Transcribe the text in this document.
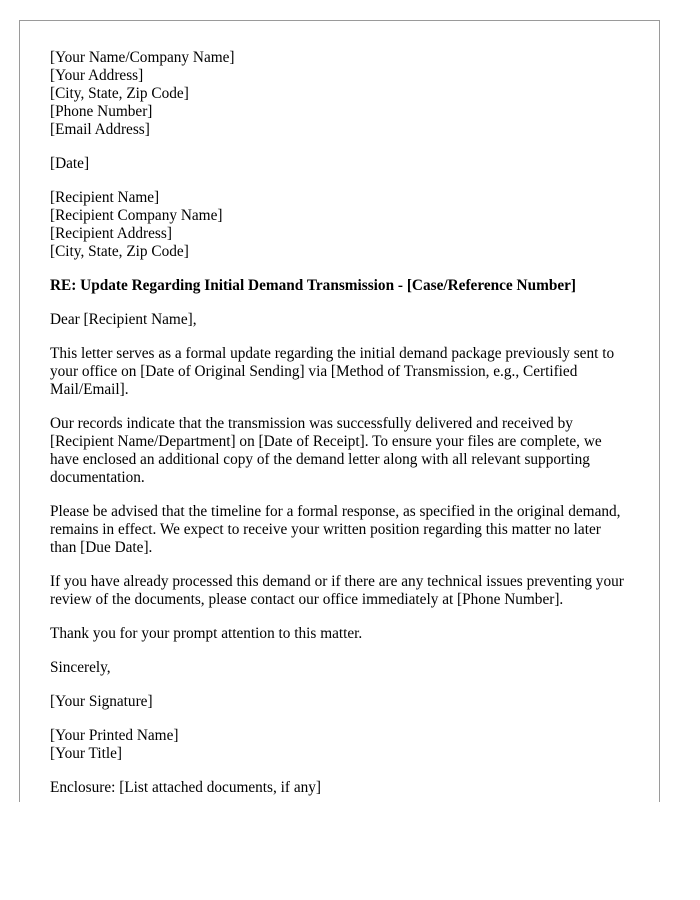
[Your Name/Company Name]
[Your Address]
[City, State, Zip Code]
[Phone Number]
[Email Address]
[Date]
[Recipient Name]
[Recipient Company Name]
[Recipient Address]
[City, State, Zip Code]

RE: Update Regarding Initial Demand Transmission - [Case/Reference Number]

Dear [Recipient Name],

This letter serves as a formal update regarding the initial demand package previously sent to your office on [Date of Original Sending] via [Method of Transmission, e.g., Certified Mail/Email].

Our records indicate that the transmission was successfully delivered and received by [Recipient Name/Department] on [Date of Receipt]. To ensure your files are complete, we have enclosed an additional copy of the demand letter along with all relevant supporting documentation.

Please be advised that the timeline for a formal response, as specified in the original demand, remains in effect. We expect to receive your written position regarding this matter no later than [Due Date].

If you have already processed this demand or if there are any technical issues preventing your review of the documents, please contact our office immediately at [Phone Number].

Thank you for your prompt attention to this matter.

Sincerely,

[Your Signature]

[Your Printed Name]
[Your Title]

Enclosure: [List attached documents, if any]
